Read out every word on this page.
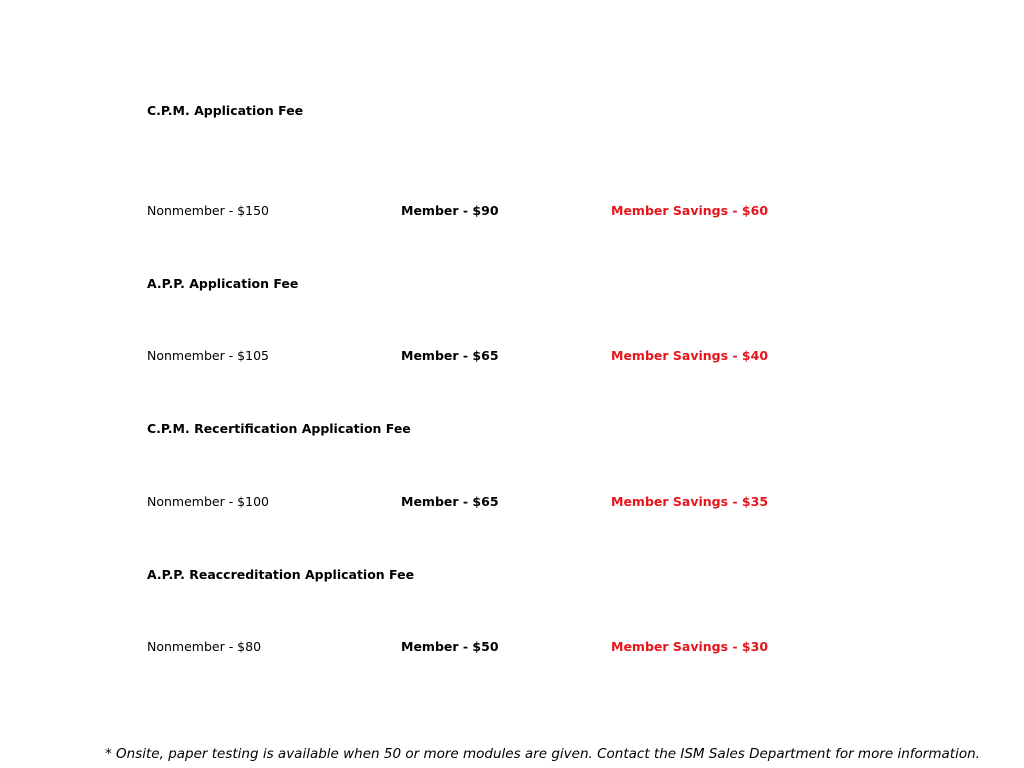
C.P.M. Application Fee
Nonmember - $150	Member - $90	Member Savings - $60
A.P.P. Application Fee
Nonmember - $105	Member - $65	Member Savings - $40
C.P.M. Recertification Application Fee
Nonmember - $100	Member - $65	Member Savings - $35
A.P.P. Reaccreditation Application Fee
Nonmember - $80	Member - $50	Member Savings - $30
* Onsite, paper testing is available when 50 or more modules are given. Contact the ISM Sales Department for more information.
